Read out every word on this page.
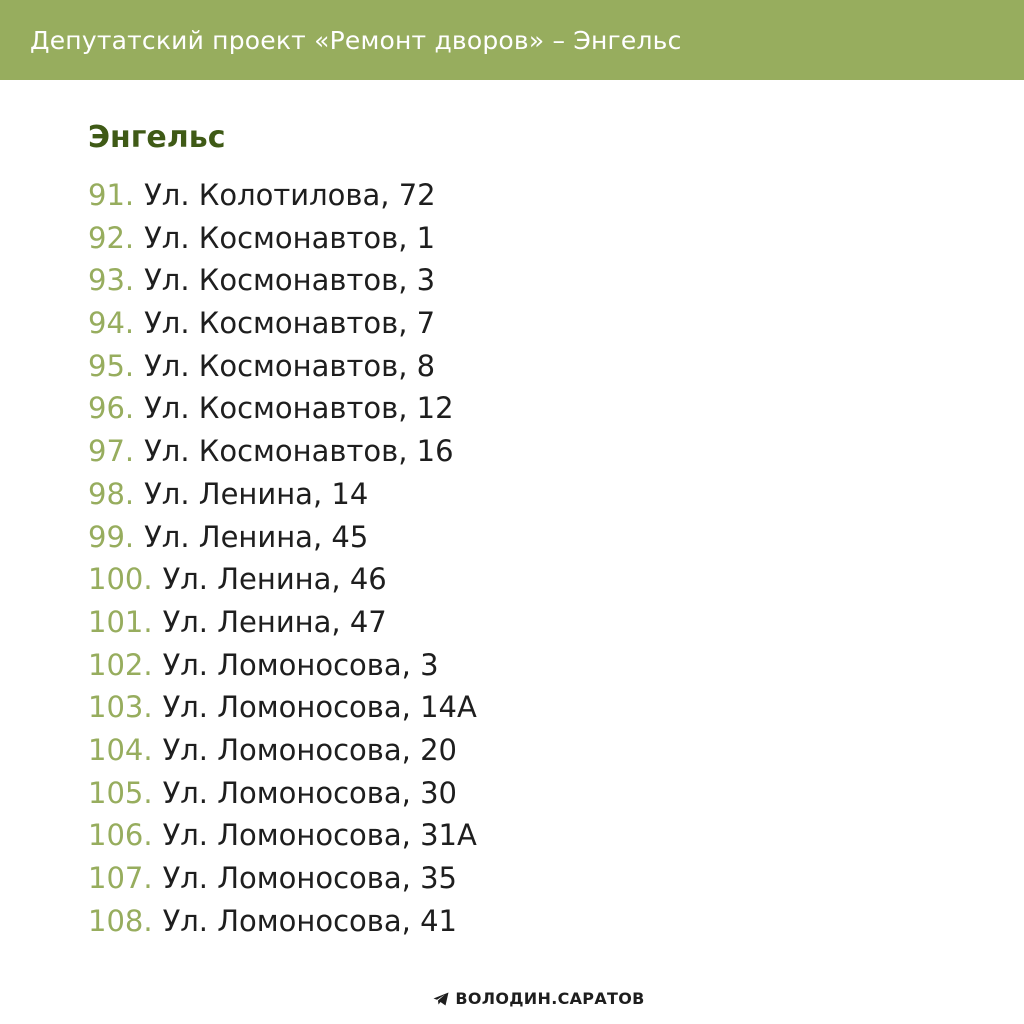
Депутатский проект «Ремонт дворов» – Энгельс
Энгельс
91. Ул. Колотилова, 72
92. Ул. Космонавтов, 1
93. Ул. Космонавтов, 3
94. Ул. Космонавтов, 7
95. Ул. Космонавтов, 8
96. Ул. Космонавтов, 12
97. Ул. Космонавтов, 16
98. Ул. Ленина, 14
99. Ул. Ленина, 45
100. Ул. Ленина, 46
101. Ул. Ленина, 47
102. Ул. Ломоносова, 3
103. Ул. Ломоносова, 14А
104. Ул. Ломоносова, 20
105. Ул. Ломоносова, 30
106. Ул. Ломоносова, 31А
107. Ул. Ломоносова, 35
108. Ул. Ломоносова, 41
ВОЛОДИН.САРАТОВ
